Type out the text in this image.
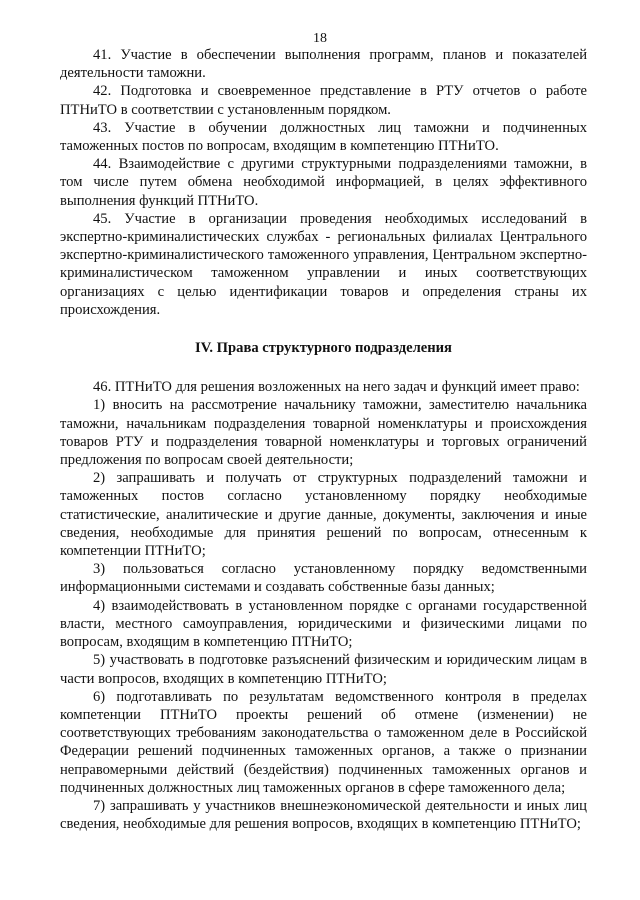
18

41. Участие в обеспечении выполнения программ, планов и показателей деятельности таможни.

42. Подготовка и своевременное представление в РТУ отчетов о работе ПТНиТО в соответствии с установленным порядком.

43. Участие в обучении должностных лиц таможни и подчиненных таможенных постов по вопросам, входящим в компетенцию ПТНиТО.

44. Взаимодействие с другими структурными подразделениями таможни, в том числе путем обмена необходимой информацией, в целях эффективного выполнения функций ПТНиТО.

45. Участие в организации проведения необходимых исследований в экспертно-криминалистических службах - региональных филиалах Центрального экспертно-криминалистического таможенного управления, Центральном экспертно-криминалистическом таможенном управлении и иных соответствующих организациях с целью идентификации товаров и определения страны их происхождения.

IV. Права структурного подразделения

46. ПТНиТО для решения возложенных на него задач и функций имеет право:

1) вносить на рассмотрение начальнику таможни, заместителю начальника таможни, начальникам подразделения товарной номенклатуры и происхождения товаров РТУ и подразделения товарной номенклатуры и торговых ограничений предложения по вопросам своей деятельности;

2) запрашивать и получать от структурных подразделений таможни и таможенных постов согласно установленному порядку необходимые статистические, аналитические и другие данные, документы, заключения и иные сведения, необходимые для принятия решений по вопросам, отнесенным к компетенции ПТНиТО;

3) пользоваться согласно установленному порядку ведомственными информационными системами и создавать собственные базы данных;

4) взаимодействовать в установленном порядке с органами государственной власти, местного самоуправления, юридическими и физическими лицами по вопросам, входящим в компетенцию ПТНиТО;

5) участвовать в подготовке разъяснений физическим и юридическим лицам в части вопросов, входящих в компетенцию ПТНиТО;

6) подготавливать по результатам ведомственного контроля в пределах компетенции ПТНиТО проекты решений об отмене (изменении) не соответствующих требованиям законодательства о таможенном деле в Российской Федерации решений подчиненных таможенных органов, а также о признании неправомерными действий (бездействия) подчиненных таможенных органов и подчиненных должностных лиц таможенных органов в сфере таможенного дела;

7) запрашивать у участников внешнеэкономической деятельности и иных лиц сведения, необходимые для решения вопросов, входящих в компетенцию ПТНиТО;
